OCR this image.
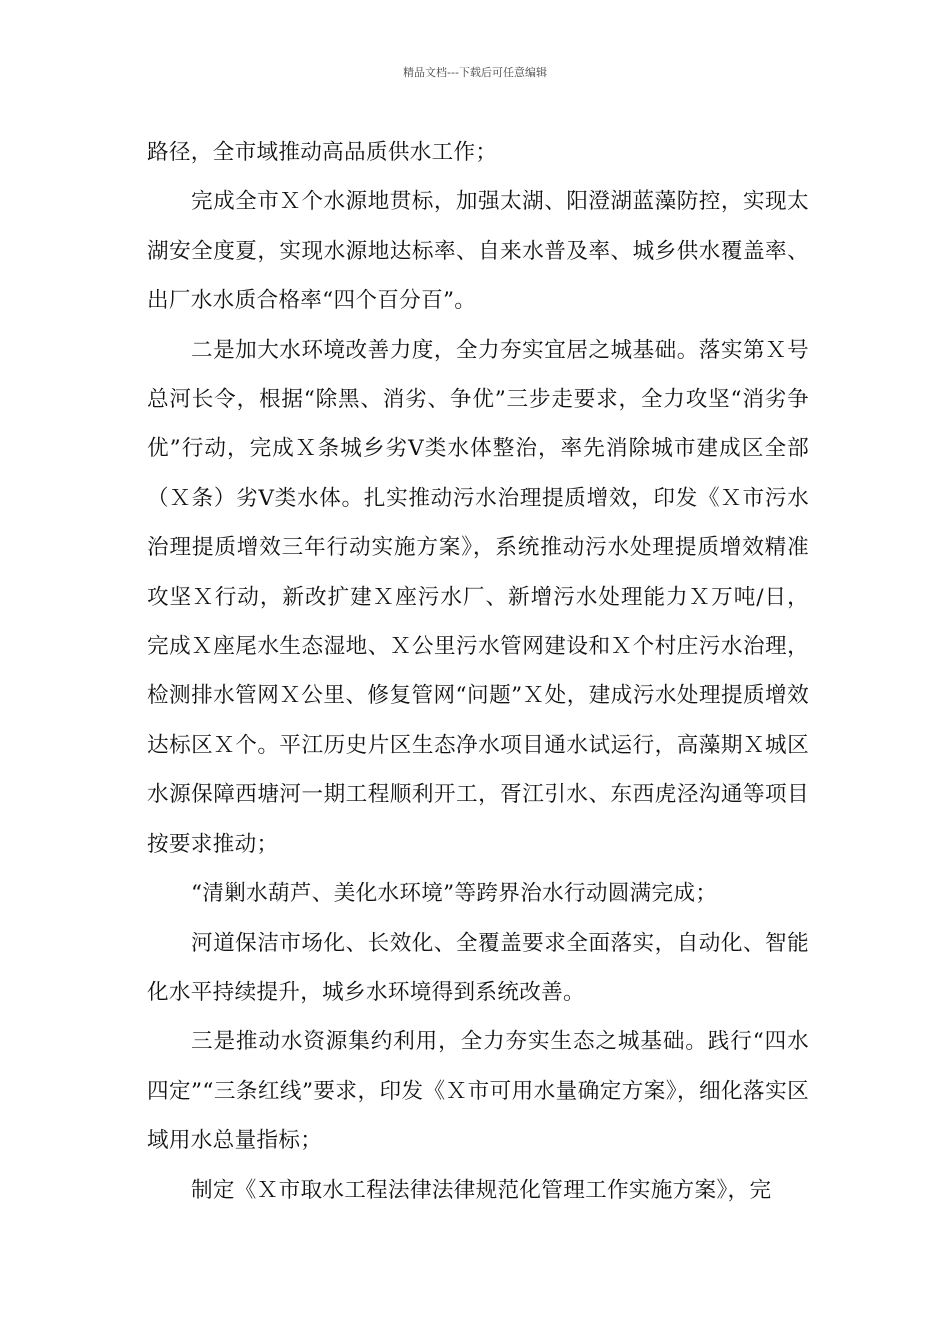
精品文档---下载后可任意编辑

路径，全市域推动高品质供水工作；

完成全市Ｘ个水源地贯标，加强太湖、阳澄湖蓝藻防控，实现太湖安全度夏，实现水源地达标率、自来水普及率、城乡供水覆盖率、出厂水水质合格率“四个百分百”。

二是加大水环境改善力度，全力夯实宜居之城基础。落实第Ｘ号总河长令，根据“除黑、消劣、争优”三步走要求，全力攻坚“消劣争优”行动，完成Ｘ条城乡劣Ⅴ类水体整治，率先消除城市建成区全部（Ｘ条）劣Ⅴ类水体。扎实推动污水治理提质增效，印发《Ｘ市污水治理提质增效三年行动实施方案》，系统推动污水处理提质增效精准攻坚Ｘ行动，新改扩建Ｘ座污水厂、新增污水处理能力Ｘ万吨/日，完成Ｘ座尾水生态湿地、Ｘ公里污水管网建设和Ｘ个村庄污水治理，检测排水管网Ｘ公里、修复管网“问题”Ｘ处，建成污水处理提质增效达标区Ｘ个。平江历史片区生态净水项目通水试运行，高藻期Ｘ城区水源保障西塘河一期工程顺利开工，胥江引水、东西虎泾沟通等项目按要求推动；

“清剿水葫芦、美化水环境”等跨界治水行动圆满完成；

河道保洁市场化、长效化、全覆盖要求全面落实，自动化、智能化水平持续提升，城乡水环境得到系统改善。

三是推动水资源集约利用，全力夯实生态之城基础。践行“四水四定”“三条红线”要求，印发《Ｘ市可用水量确定方案》，细化落实区域用水总量指标；

制定《Ｘ市取水工程法律法律规范化管理工作实施方案》，完
